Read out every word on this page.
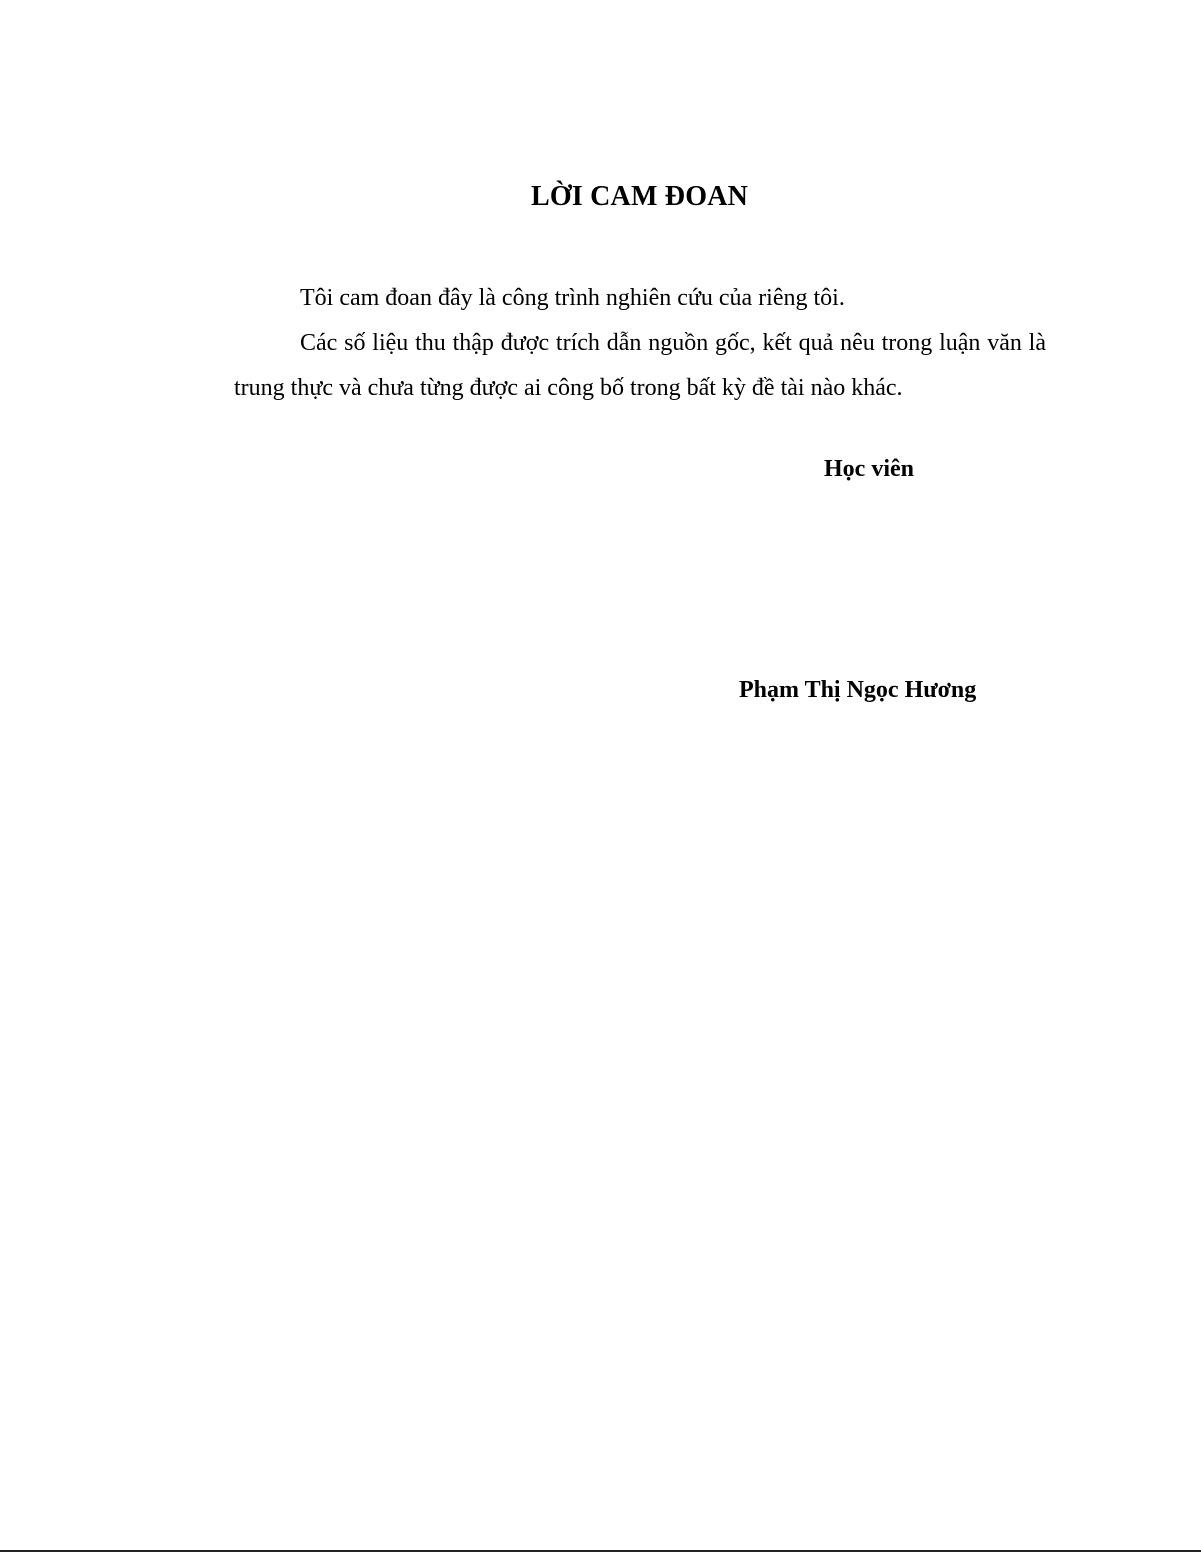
LỜI CAM ĐOAN

Tôi cam đoan đây là công trình nghiên cứu của riêng tôi.

Các số liệu thu thập được trích dẫn nguồn gốc, kết quả nêu trong luận văn là trung thực và chưa từng được ai công bố trong bất kỳ đề tài nào khác.

Học viên
Phạm Thị Ngọc Hương
